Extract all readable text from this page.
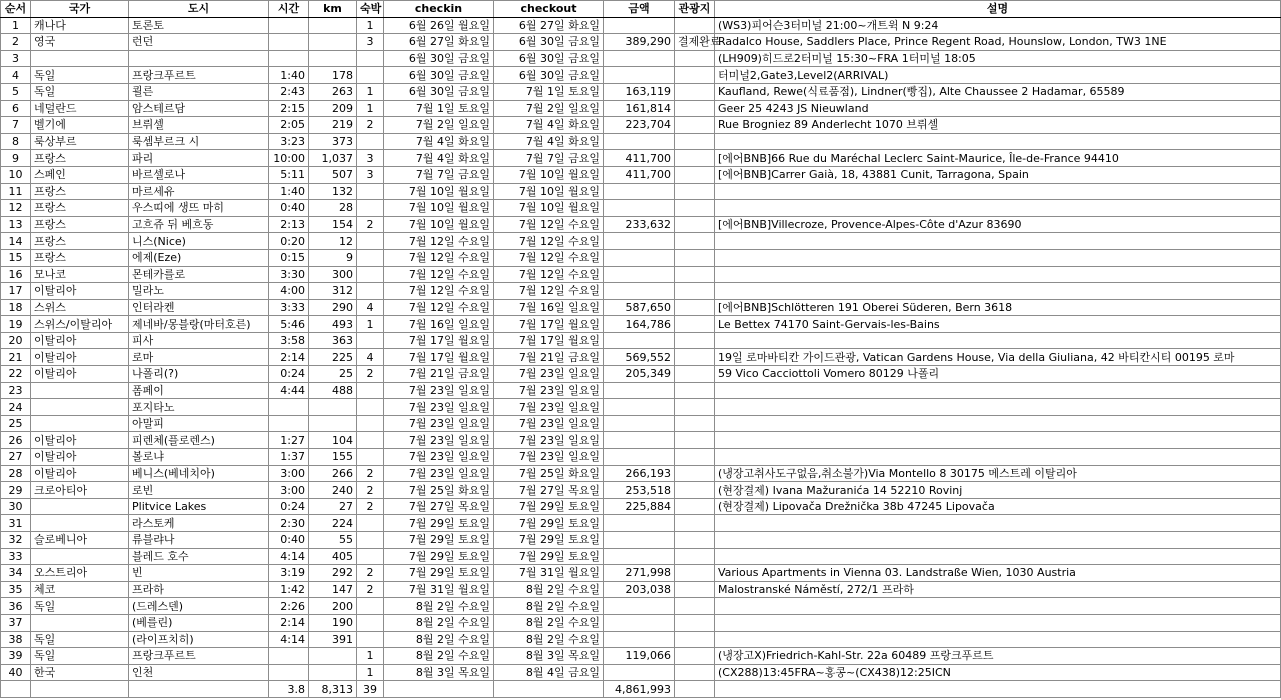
순서	국가	도시	시간	km	숙박	checkin	checkout	금액	관광지	설명
1	캐나다	토론토			1	6월 26일 월요일	6월 27일 화요일			(WS3)피어슨3터미널 21:00~개트윅 N 9:24
2	영국	런던			3	6월 27일 화요일	6월 30일 금요일	389,290	결제완료	Radalco House, Saddlers Place, Prince Regent Road, Hounslow, London, TW3 1NE
3						6월 30일 금요일	6월 30일 금요일			(LH909)히드로2터미널 15:30~FRA 1터미널 18:05
4	독일	프랑크푸르트	1:40	178		6월 30일 금요일	6월 30일 금요일			터미널2,Gate3,Level2(ARRIVAL)
5	독일	쾰른	2:43	263	1	6월 30일 금요일	7월 1일 토요일	163,119		Kaufland, Rewe(식료품점), Lindner(빵집), Alte Chaussee 2 Hadamar, 65589
6	네덜란드	암스테르담	2:15	209	1	7월 1일 토요일	7월 2일 일요일	161,814		Geer 25 4243 JS Nieuwland
7	벨기에	브뤼셀	2:05	219	2	7월 2일 일요일	7월 4일 화요일	223,704		Rue Brogniez 89 Anderlecht 1070 브뤼셀
8	룩상부르	룩셈부르크 시	3:23	373		7월 4일 화요일	7월 4일 화요일			
9	프랑스	파리	10:00	1,037	3	7월 4일 화요일	7월 7일 금요일	411,700		[에어BNB]66 Rue du Maréchal Leclerc Saint-Maurice, Île-de-France 94410
10	스페인	바르셀로나	5:11	507	3	7월 7일 금요일	7월 10일 월요일	411,700		[에어BNB]Carrer Gaià, 18, 43881 Cunit, Tarragona, Spain
11	프랑스	마르세유	1:40	132		7월 10일 월요일	7월 10일 월요일			
12	프랑스	우스띠에 생뜨 마히	0:40	28		7월 10일 월요일	7월 10일 월요일			
13	프랑스	고흐쥬 뒤 베흐동	2:13	154	2	7월 10일 월요일	7월 12일 수요일	233,632		[에어BNB]Villecroze, Provence-Alpes-Côte d'Azur 83690
14	프랑스	니스(Nice)	0:20	12		7월 12일 수요일	7월 12일 수요일			
15	프랑스	에제(Eze)	0:15	9		7월 12일 수요일	7월 12일 수요일			
16	모나코	몬테카를로	3:30	300		7월 12일 수요일	7월 12일 수요일			
17	이탈리아	밀라노	4:00	312		7월 12일 수요일	7월 12일 수요일			
18	스위스	인터라켄	3:33	290	4	7월 12일 수요일	7월 16일 일요일	587,650		[에어BNB]Schlötteren 191 Oberei Süderen, Bern 3618
19	스위스/이탈리아	제네바/몽블랑(마터호른)	5:46	493	1	7월 16일 일요일	7월 17일 월요일	164,786		Le Bettex 74170 Saint-Gervais-les-Bains
20	이탈리아	피사	3:58	363		7월 17일 월요일	7월 17일 월요일			
21	이탈리아	로마	2:14	225	4	7월 17일 월요일	7월 21일 금요일	569,552		19일 로마바티칸 가이드관광, Vatican Gardens House, Via della Giuliana, 42 바티칸시티 00195 로마
22	이탈리아	나폴리(?)	0:24	25	2	7월 21일 금요일	7월 23일 일요일	205,349		59 Vico Cacciottoli Vomero 80129 나폴리
23		폼페이	4:44	488		7월 23일 일요일	7월 23일 일요일			
24		포지타노				7월 23일 일요일	7월 23일 일요일			
25		아말피				7월 23일 일요일	7월 23일 일요일			
26	이탈리아	피렌체(플로렌스)	1:27	104		7월 23일 일요일	7월 23일 일요일			
27	이탈리아	볼로냐	1:37	155		7월 23일 일요일	7월 23일 일요일			
28	이탈리아	베니스(베네치아)	3:00	266	2	7월 23일 일요일	7월 25일 화요일	266,193		(냉장고취사도구없음,취소불가)Via Montello 8 30175 메스트레 이탈리아
29	크로아티아	로빈	3:00	240	2	7월 25일 화요일	7월 27일 목요일	253,518		(현장결제) Ivana Mažuranića 14 52210 Rovinj
30		Plitvice Lakes	0:24	27	2	7월 27일 목요일	7월 29일 토요일	225,884		(현장결제) Lipovača Drežnička 38b 47245 Lipovača
31		라스토케	2:30	224		7월 29일 토요일	7월 29일 토요일			
32	슬로베니아	류블랴나	0:40	55		7월 29일 토요일	7월 29일 토요일			
33		블레드 호수	4:14	405		7월 29일 토요일	7월 29일 토요일			
34	오스트리아	빈	3:19	292	2	7월 29일 토요일	7월 31일 월요일	271,998		Various Apartments in Vienna 03. Landstraße Wien, 1030 Austria
35	체코	프라하	1:42	147	2	7월 31일 월요일	8월 2일 수요일	203,038		Malostranské Náměstí, 272/1 프라하
36	독일	(드레스덴)	2:26	200		8월 2일 수요일	8월 2일 수요일			
37		(베를린)	2:14	190		8월 2일 수요일	8월 2일 수요일			
38	독일	(라이프치히)	4:14	391		8월 2일 수요일	8월 2일 수요일			
39	독일	프랑크푸르트			1	8월 2일 수요일	8월 3일 목요일	119,066		(냉장고X)Friedrich-Kahl-Str. 22a 60489 프랑크푸르트
40	한국	인천			1	8월 3일 목요일	8월 4일 금요일			(CX288)13:45FRA~홍콩~(CX438)12:25ICN
			3.8	8,313	39			4,861,993		
